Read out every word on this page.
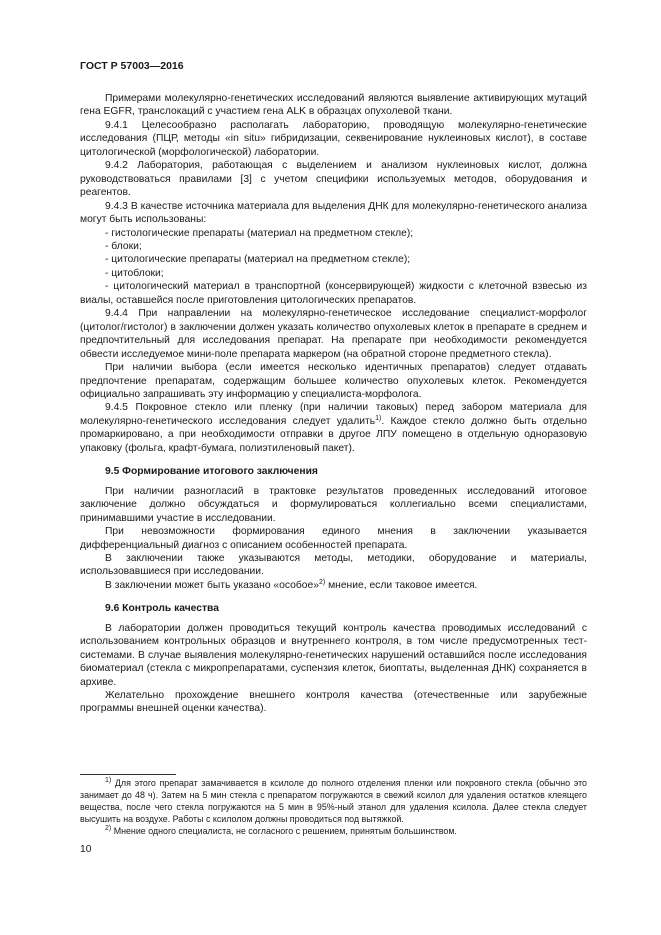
ГОСТ Р 57003—2016

Примерами молекулярно-генетических исследований являются выявление активирующих мутаций гена EGFR, транслокаций с участием гена ALK в образцах опухолевой ткани.

9.4.1 Целесообразно располагать лабораторию, проводящую молекулярно-генетические исследования (ПЦР, методы «in situ» гибридизации, секвенирование нуклеиновых кислот), в составе цитологической (морфологической) лаборатории.

9.4.2 Лаборатория, работающая с выделением и анализом нуклеиновых кислот, должна руководствоваться правилами [3] с учетом специфики используемых методов, оборудования и реагентов.

9.4.3 В качестве источника материала для выделения ДНК для молекулярно-генетического анализа могут быть использованы:

- гистологические препараты (материал на предметном стекле);

- блоки;

- цитологические препараты (материал на предметном стекле);

- цитоблоки;

- цитологический материал в транспортной (консервирующей) жидкости с клеточной взвесью из виалы, оставшейся после приготовления цитологических препаратов.

9.4.4 При направлении на молекулярно-генетическое исследование специалист-морфолог (цитолог/гистолог) в заключении должен указать количество опухолевых клеток в препарате в среднем и предпочтительный для исследования препарат. На препарате при необходимости рекомендуется обвести исследуемое мини-поле препарата маркером (на обратной стороне предметного стекла).

При наличии выбора (если имеется несколько идентичных препаратов) следует отдавать предпочтение препаратам, содержащим большее количество опухолевых клеток. Рекомендуется официально запрашивать эту информацию у специалиста-морфолога.

9.4.5 Покровное стекло или пленку (при наличии таковых) перед забором материала для молекулярно-генетического исследования следует удалить$^{1)}$. Каждое стекло должно быть отдельно промаркировано, а при необходимости отправки в другое ЛПУ помещено в отдельную одноразовую упаковку (фольга, крафт-бумага, полиэтиленовый пакет).

9.5 Формирование итогового заключения

При наличии разногласий в трактовке результатов проведенных исследований итоговое заключение должно обсуждаться и формулироваться коллегиально всеми специалистами, принимавшими участие в исследовании.

При невозможности формирования единого мнения в заключении указывается дифференциальный диагноз с описанием особенностей препарата.

В заключении также указываются методы, методики, оборудование и материалы, использовавшиеся при исследовании.

В заключении может быть указано «особое»$^{2)}$ мнение, если таковое имеется.

9.6 Контроль качества

В лаборатории должен проводиться текущий контроль качества проводимых исследований с использованием контрольных образцов и внутреннего контроля, в том числе предусмотренных тест-системами. В случае выявления молекулярно-генетических нарушений оставшийся после исследования биоматериал (стекла с микропрепаратами, суспензия клеток, биоптаты, выделенная ДНК) сохраняется в архиве.

Желательно прохождение внешнего контроля качества (отечественные или зарубежные программы внешней оценки качества).

$^{1)}$ Для этого препарат замачивается в ксилоле до полного отделения пленки или покровного стекла (обычно это занимает до 48 ч). Затем на 5 мин стекла с препаратом погружаются в свежий ксилол для удаления остатков клеящего вещества, после чего стекла погружаются на 5 мин в 95%-ный этанол для удаления ксилола. Далее стекла следует высушить на воздухе. Работы с ксилолом должны проводиться под вытяжкой.

$^{2)}$ Мнение одного специалиста, не согласного с решением, принятым большинством.

10
